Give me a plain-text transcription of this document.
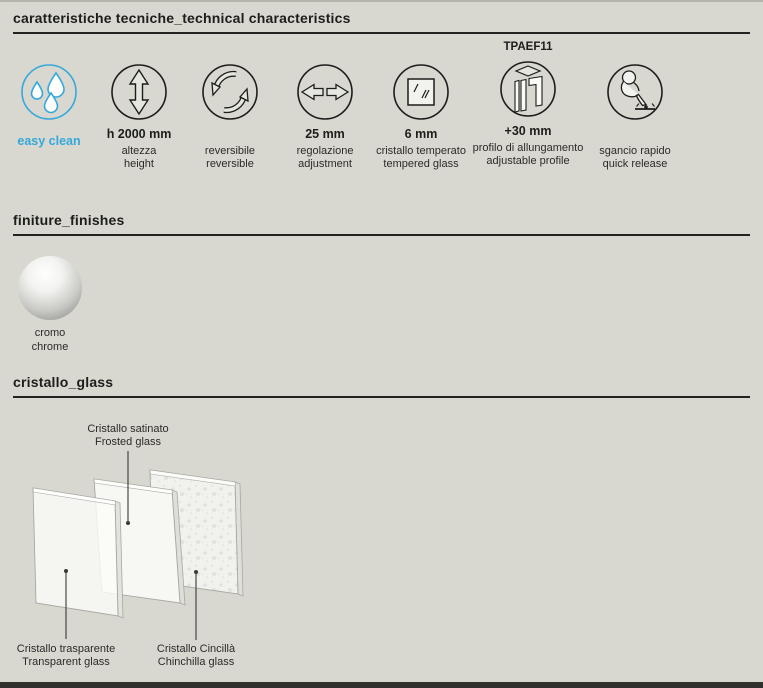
caratteristiche tecniche_technical characteristics

easy clean
	h 2000 mm
altezza
height

reversibile
reversible

25 mm
regolazione
adjustment

6 mm
cristallo temperato
tempered glass
TPAEF11
+30 mm
profilo di allungamento
adjustable profile

sgancio rapido
quick release
finiture_finishes
cromo
chrome
cristallo_glass
Cristallo satinato
Frosted glass
Cristallo trasparente
Transparent glass
Cristallo Cincillà
Chinchilla glass
